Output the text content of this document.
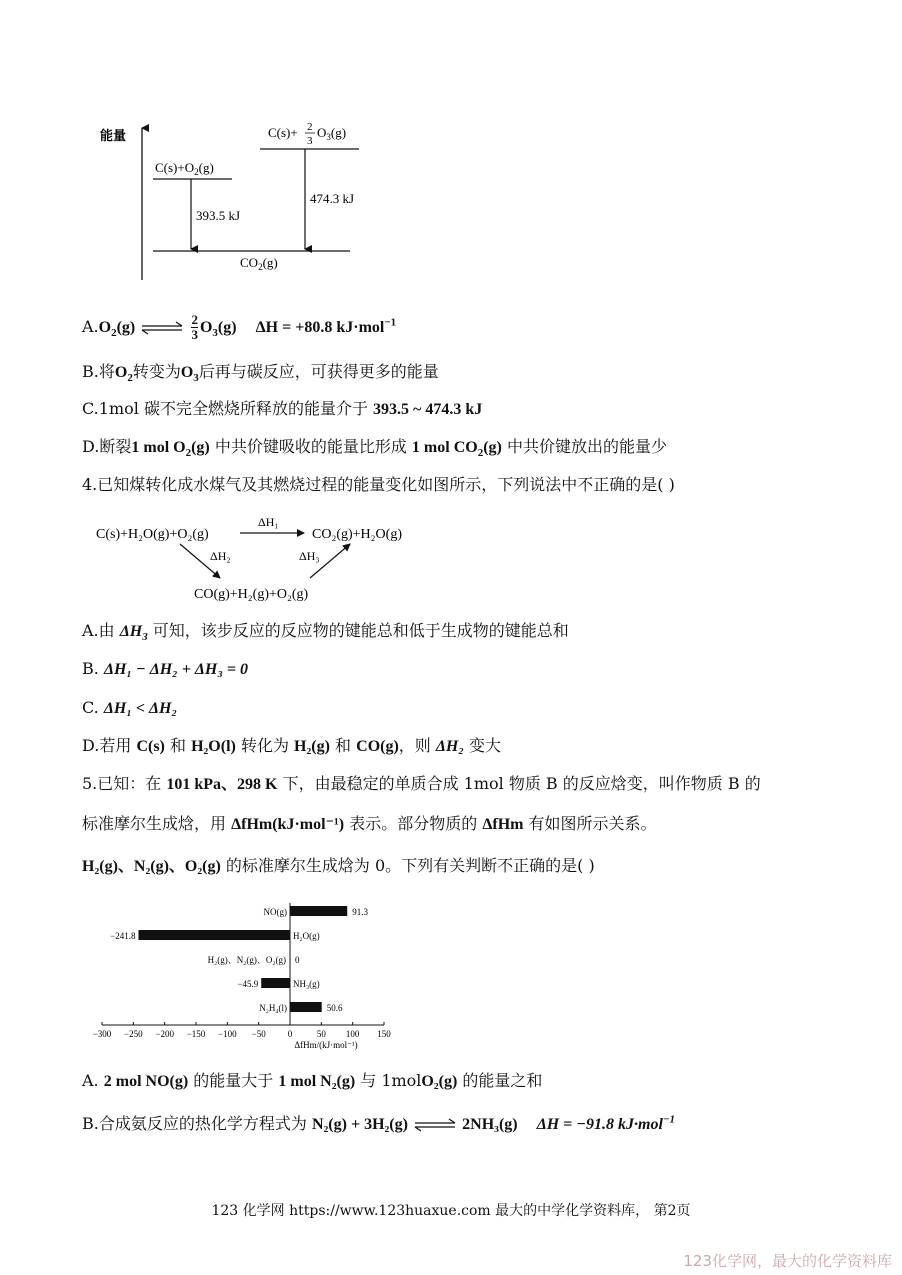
能量
$C(s)+O_2(g)$
C(s)+ 2
3
$O_3(g)$
393.5 kJ
474.3 kJ
$CO_2(g)$
$A.O_2(g)$ ⇌ $\frac{2}{3} O_3(g) \Delta H = +80.8$ kJ·mol$^{-1}$
B.将$O_2$转变为$O_3$后再与碳反应，可获得更多的能量
C.1mol 碳不完全燃烧所释放的能量介于 393.5 ~ 474.3 kJ
D.断裂1 mol $O_2(g)$ 中共价键吸收的能量比形成 1 mol $CO_2(g)$ 中共价键放出的能量少
4.已知煤转化成水煤气及其燃烧过程的能量变化如图所示，下列说法中不正确的是( )
C(s)+H₂O(g)+O₂(g)
ΔH₁
CO₂(g)+H₂O(g)
ΔH₂	ΔH₃
CO(g)+H₂(g)+O₂(g)
A.由 $\Delta H_3$ 可知，该步反应的反应物的键能总和低于生成物的键能总和
B. ΔH₁ − ΔH₂ + ΔH₃ = 0
C. ΔH₁ < ΔH₂
D.若用 C(s) 和 H₂O(l) 转化为 H₂(g) 和 CO(g)，则 ΔH₂ 变大
5.已知：在 101 kPa、298 K 下，由最稳定的单质合成 1mol 物质 B 的反应焓变，叫作物质 B 的
标准摩尔生成焓，用 ΔfHm(kJ·mol⁻¹) 表示。部分物质的 ΔfHm 有如图所示关系。
H₂(g)、N₂(g)、O₂(g) 的标准摩尔生成焓为 0。下列有关判断不正确的是( )
NO(g)	91.3
H₂O(g)
−241.8
H₂(g)、N₂(g)、O₂(g) 0
NH₃(g)
−45.9
N₂H₄(l)	50.6
−300 −250 −200 −150 −100 −50 0	50 100 150
ΔfHm/(kJ·mol⁻¹)
A. 2 mol NO(g) 的能量大于 1 mol N₂(g) 与 1molO₂(g) 的能量之和
B.合成氨反应的热化学方程式为 N₂(g) + 3H₂(g) ⇌ 2NH₃(g) ΔH = −91.8 kJ·mol$^{-1}$
123 化学网 https://www.123huaxue.com 最大的中学化学资料库， 第2页
123化学网，最大的化学资料库
